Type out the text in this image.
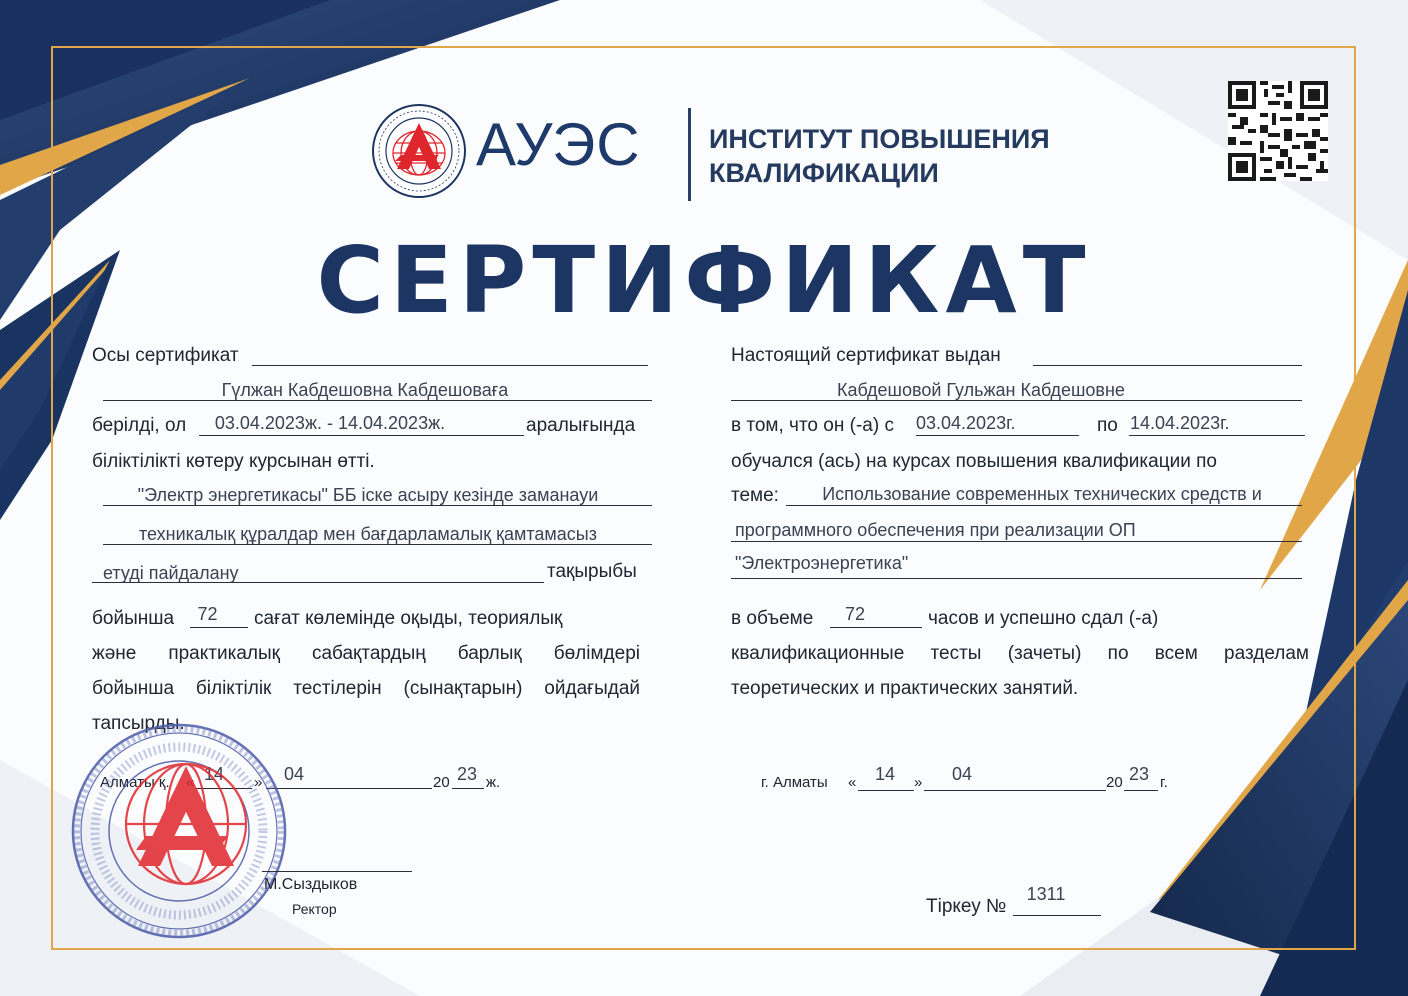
АУЭС	ИНСТИТУТ ПОВЫШЕНИЯ
КВАЛИФИКАЦИИ
СЕРТИФИКАТ
Осы сертификат
Гүлжан Кабдешовна Кабдешоваға
берілді, ол	03.04.2023ж. - 14.04.2023ж.	аралығында
біліктілікті көтеру курсынан өтті.
"Электр энергетикасы" ББ іске асыру кезінде заманауи
техникалық құралдар мен бағдарламалық қамтамасыз
етуді пайдалану	тақырыбы
бойынша	72	сағат көлемінде оқыды, теориялық
және практикалық сабақтардың барлық бөлімдері
бойынша біліктілік тестілерін (сынақтарын) ойдағыдай
тапсырды.
Алматы қ.	14	»	04	20 23 ж.
М.Сыздыков
Ректор
Настоящий сертификат выдан
Кабдешовой Гульжан Кабдешовне
в том, что он (-а) с 03.04.2023г.	по 14.04.2023г.
обучался (ась) на курсах повышения квалификации по
теме:	Использование современных технических средств и
программного обеспечения при реализации ОП
"Электроэнергетика"
в объеме	72	часов и успешно сдал (-а)
квалификационные тесты (зачеты) по всем разделам
теоретических и практических занятий.
г. Алматы «	14	»	04	20 23 г.
Тіркеу №
1311
